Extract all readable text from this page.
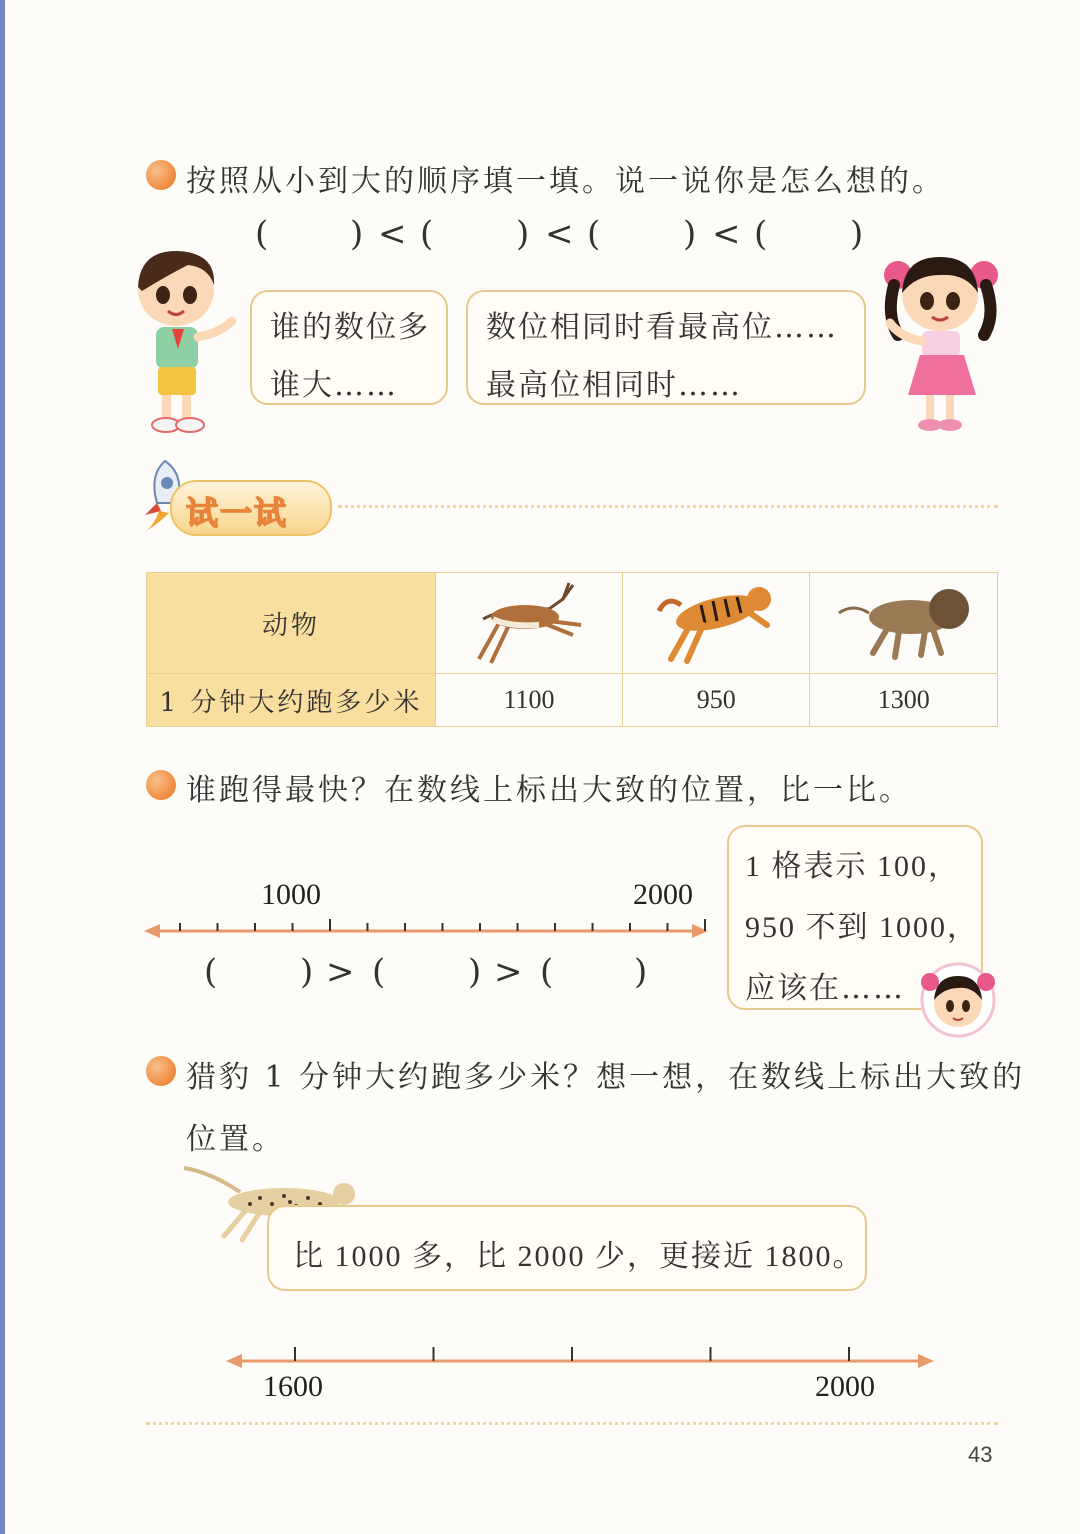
按照从小到大的顺序填一填。说一说你是怎么想的。
( ) < ( ) < ( ) < ( )
谁的数位多
谁大……
数位相同时看最高位……
最高位相同时……
试一试
动物			
1 分钟大约跑多少米	1100	950	1300
谁跑得最快？在数线上标出大致的位置，比一比。
1000	2000
( ) > ( ) > ( )
1 格表示 100，
950 不到 1000，
应该在……
猎豹 1 分钟大约跑多少米？想一想，在数线上标出大致的
位置。
比 1000 多，比 2000 少，更接近 1800。
1600	2000
43
